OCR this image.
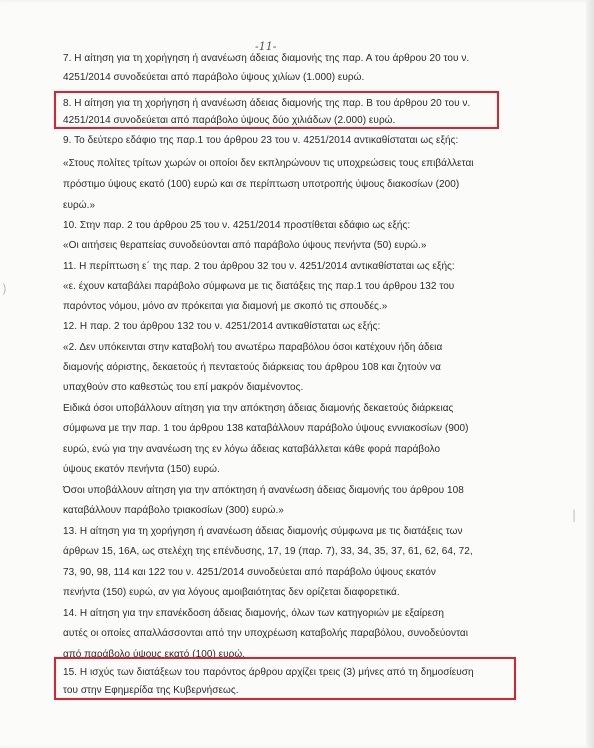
-11-
7. Η αίτηση για τη χορήγηση ή ανανέωση άδειας διαμονής της παρ. Α του άρθρου 20 του ν.
4251/2014 συνοδεύεται από παράβολο ύψους χιλίων (1.000) ευρώ.
8. Η αίτηση για τη χορήγηση ή ανανέωση άδειας διαμονής της παρ. Β του άρθρου 20 του ν.
4251/2014 συνοδεύεται από παράβολο ύψους δύο χιλιάδων (2.000) ευρώ.
9. Το δεύτερο εδάφιο της παρ.1 του άρθρου 23 του ν. 4251/2014 αντικαθίσταται ως εξής:
«Στους πολίτες τρίτων χωρών οι οποίοι δεν εκπληρώνουν τις υποχρεώσεις τους επιβάλλεται
πρόστιμο ύψους εκατό (100) ευρώ και σε περίπτωση υποτροπής ύψους διακοσίων (200)
ευρώ.»
10. Στην παρ. 2 του άρθρου 25 του ν. 4251/2014 προστίθεται εδάφιο ως εξής:
«Οι αιτήσεις θεραπείας συνοδεύονται από παράβολο ύψους πενήντα (50) ευρώ.»
11. Η περίπτωση ε΄ της παρ. 2 του άρθρου 32 του ν. 4251/2014 αντικαθίσταται ως εξής:
«ε. έχουν καταβάλει παράβολο σύμφωνα με τις διατάξεις της παρ.1 του άρθρου 132 του
παρόντος νόμου, μόνο αν πρόκειται για διαμονή με σκοπό τις σπουδές.»
12. Η παρ. 2 του άρθρου 132 του ν. 4251/2014 αντικαθίσταται ως εξής:
«2. Δεν υπόκεινται στην καταβολή του ανωτέρω παραβόλου όσοι κατέχουν ήδη άδεια
διαμονής αόριστης, δεκαετούς ή πενταετούς διάρκειας του άρθρου 108 και ζητούν να
υπαχθούν στο καθεστώς του επί μακρόν διαμένοντος.
Ειδικά όσοι υποβάλλουν αίτηση για την απόκτηση άδειας διαμονής δεκαετούς διάρκειας
σύμφωνα με την παρ. 1 του άρθρου 138 καταβάλλουν παράβολο ύψους εννιακοσίων (900)
ευρώ, ενώ για την ανανέωση της εν λόγω άδειας καταβάλλεται κάθε φορά παράβολο
ύψους εκατόν πενήντα (150) ευρώ.
Όσοι υποβάλλουν αίτηση για την απόκτηση ή ανανέωση άδειας διαμονής του άρθρου 108
καταβάλλουν παράβολο τριακοσίων (300) ευρώ.»
13. Η αίτηση για τη χορήγηση ή ανανέωση άδειας διαμονής σύμφωνα με τις διατάξεις των
άρθρων 15, 16Α, ως στελέχη της επένδυσης, 17, 19 (παρ. 7), 33, 34, 35, 37, 61, 62, 64, 72,
73, 90, 98, 114 και 122 του ν. 4251/2014 συνοδεύεται από παράβολο ύψους εκατόν
πενήντα (150) ευρώ, αν για λόγους αμοιβαιότητας δεν ορίζεται διαφορετικά.
14. Η αίτηση για την επανέκδοση άδειας διαμονής, όλων των κατηγοριών με εξαίρεση
αυτές οι οποίες απαλλάσσονται από την υποχρέωση καταβολής παραβόλου, συνοδεύονται
από παράβολο ύψους εκατό (100) ευρώ.
15. Η ισχύς των διατάξεων του παρόντος άρθρου αρχίζει τρεις (3) μήνες από τη δημοσίευση
του στην Εφημερίδα της Κυβερνήσεως.
)
|
